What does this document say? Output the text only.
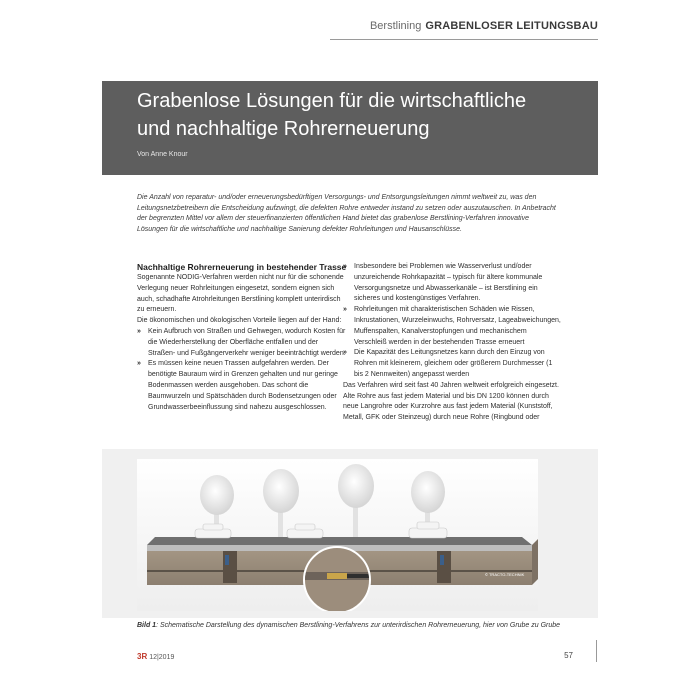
Berstlining GRABENLOSER LEITUNGSBAU
Grabenlose Lösungen für die wirtschaftliche
und nachhaltige Rohrerneuerung
Von Anne Knour

Die Anzahl von reparatur- und/oder erneuerungsbedürftigen Versorgungs- und Entsorgungsleitungen nimmt weltweit zu, was den Leitungsnetzbetreibern die Entscheidung aufzwingt, die defekten Rohre entweder instand zu setzen oder auszutauschen. In Anbetracht der begrenzten Mittel vor allem der steuerfinanzierten öffentlichen Hand bietet das grabenlose Berstlining-Verfahren innovative Lösungen für die wirtschaftliche und nachhaltige Sanierung defekter Rohrleitungen und Hausanschlüsse.

Nachhaltige Rohrerneuerung in bestehender Trasse

Sogenannte NODIG-Verfahren werden nicht nur für die schonende Verlegung neuer Rohrleitungen eingesetzt, sondern eignen sich auch, schadhafte Atrohrleitungen Berstlining komplett unterirdisch zu erneuern.

Die ökonomischen und ökologischen Vorteile liegen auf der Hand:

» Kein Aufbruch von Straßen und Gehwegen, wodurch Kosten für die Wiederherstellung der Oberfläche entfallen und der Straßen- und Fußgängerverkehr weniger beeinträchtigt werden.

» Es müssen keine neuen Trassen aufgefahren werden. Der benötigte Bauraum wird in Grenzen gehalten und nur geringe Bodenmassen werden ausgehoben. Das schont die Baumwurzeln und Spätschäden durch Bodensetzungen oder Grundwasserbeeinflussung sind nahezu ausgeschlossen.

» Insbesondere bei Problemen wie Wasserverlust und/oder unzureichende Rohrkapazität – typisch für ältere kommunale Versorgungsnetze und Abwasserkanäle – ist Berstlining ein sicheres und kostengünstiges Verfahren.

» Rohrleitungen mit charakteristischen Schäden wie Rissen, Inkrustationen, Wurzeleinwuchs, Rohrversatz, Lageabweichungen, Muffenspalten, Kanalverstopfungen und mechanischem Verschleiß werden in der bestehenden Trasse erneuert

» Die Kapazität des Leitungsnetzes kann durch den Einzug von Rohren mit kleinerem, gleichem oder größerem Durchmesser (1 bis 2 Nennweiten) angepasst werden

Das Verfahren wird seit fast 40 Jahren weltweit erfolgreich eingesetzt. Alte Rohre aus fast jedem Material und bis DN 1200 können durch neue Langrohre oder Kurzrohre aus fast jedem Material (Kunststoff, Metall, GFK oder Steinzeug) durch neue Rohre (Ringbund oder

© TRACTO-TECHNIK

Bild 1: Schematische Darstellung des dynamischen Berstlining-Verfahrens zur unterirdischen Rohrerneuerung, hier von Grube zu Grube

3R 12|2019	57
